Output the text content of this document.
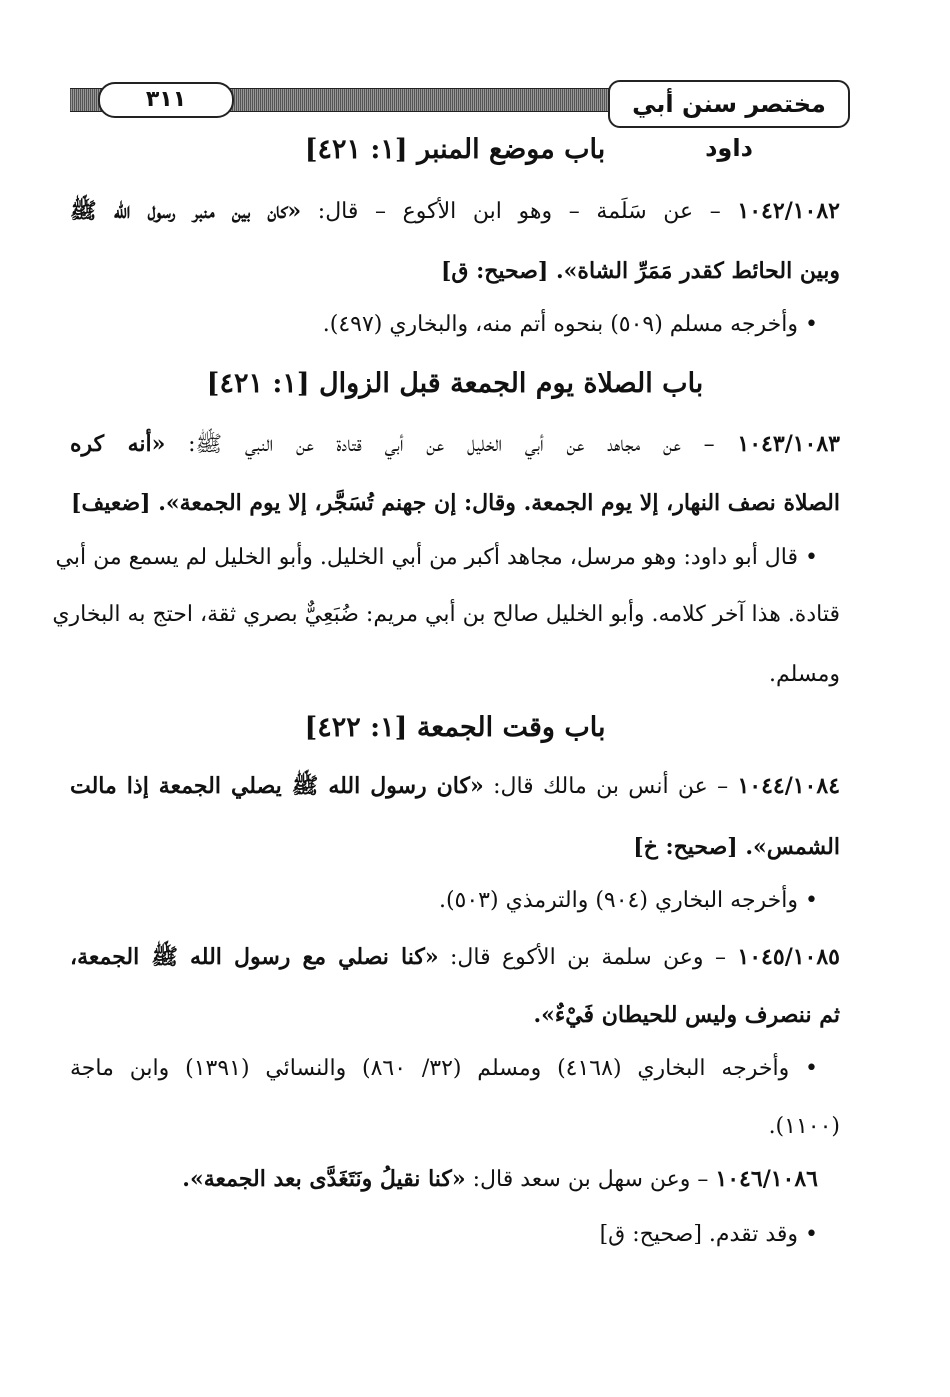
٣١١	مختصر سنن أبي داود
باب موضع المنبر [١: ٤٢١]
١٠٤٢/١٠٨٢ – عن سَلَمة – وهو ابن الأكوع – قال: «كان بين منبر رسول الله ﷺ
وبين الحائط كقدر مَمَرِّ الشاة». [صحيح: ق]
• وأخرجه مسلم (٥٠٩) بنحوه أتم منه، والبخاري (٤٩٧).
باب الصلاة يوم الجمعة قبل الزوال [١: ٤٢١]
١٠٤٣/١٠٨٣ – عن مجاهد عن أبي الخليل عن أبي قتادة عن النبي ﷺ: «أنه كره
الصلاة نصف النهار، إلا يوم الجمعة. وقال: إن جهنم تُسَجَّر، إلا يوم الجمعة». [ضعيف]
• قال أبو داود: وهو مرسل، مجاهد أكبر من أبي الخليل. وأبو الخليل لم يسمع من أبي
قتادة. هذا آخر كلامه. وأبو الخليل صالح بن أبي مريم: ضُبَعِيٌّ بصري ثقة، احتج به البخاري
ومسلم.
باب وقت الجمعة [١: ٤٢٢]
١٠٤٤/١٠٨٤ – عن أنس بن مالك قال: «كان رسول الله ﷺ يصلي الجمعة إذا مالت
الشمس». [صحيح: خ]
• وأخرجه البخاري (٩٠٤) والترمذي (٥٠٣).
١٠٤٥/١٠٨٥ – وعن سلمة بن الأكوع قال: «كنا نصلي مع رسول الله ﷺ الجمعة،
ثم ننصرف وليس للحيطان فَيْءٌ».
• وأخرجه البخاري (٤١٦٨) ومسلم (٣٢/ ٨٦٠) والنسائي (١٣٩١) وابن ماجة
(١١٠٠).
١٠٤٦/١٠٨٦ – وعن سهل بن سعد قال: «كنا نقيلُ ونَتَغَدَّى بعد الجمعة».
• وقد تقدم. [صحيح: ق]
